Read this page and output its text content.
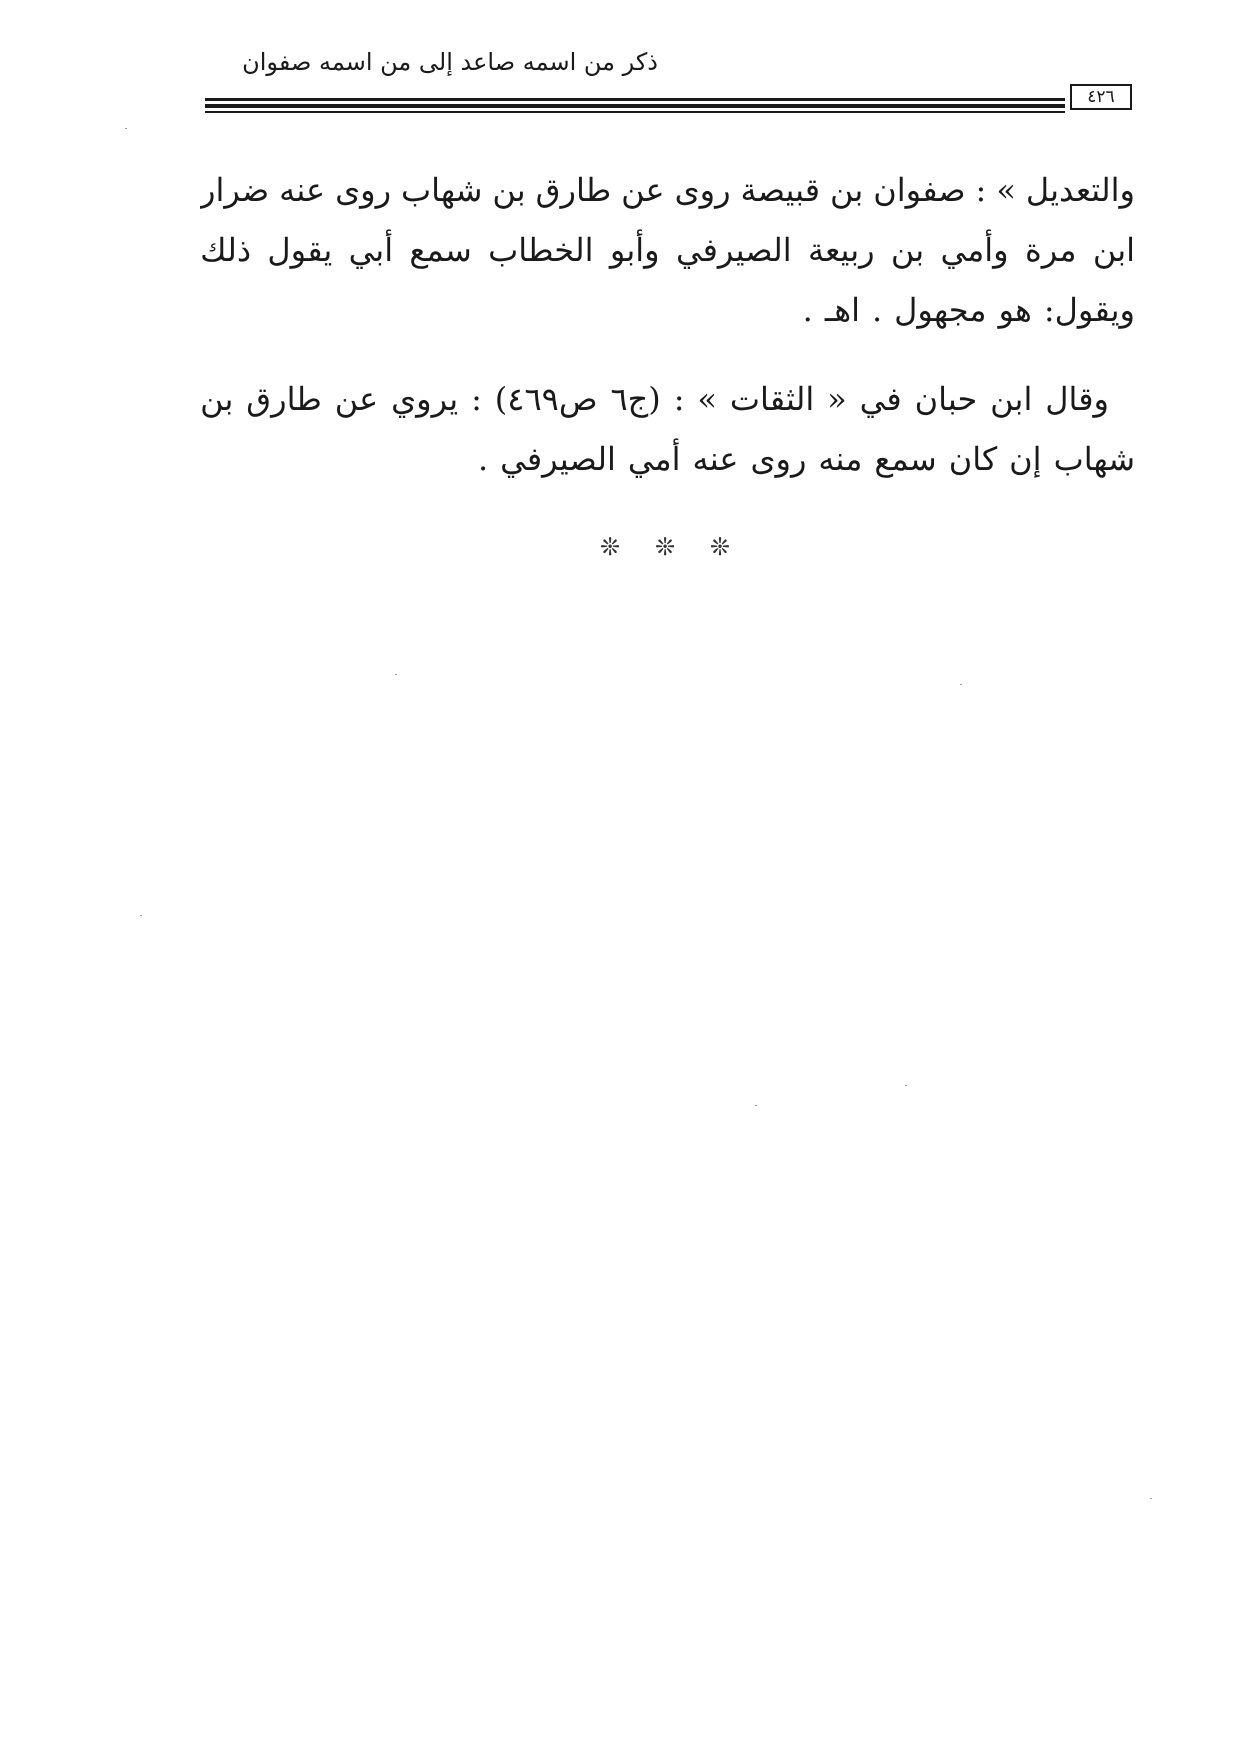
ذكر من اسمه صاعد إلى من اسمه صفوان
٤٢٦
والتعديل
»
:
صفوان
بن
قبيصة
روى
عن
طارق
بن
شهاب
روى
عنه
ضرار
ابن
مرة
وأمي
بن
ربيعة
الصيرفي
وأبو
الخطاب
سمع
أبي
يقول
ذلك
ويقول:
هو
مجهول
.
اهـ
.
وقال
ابن
حبان
في
«
الثقات
»
:
(ج٦
ص٤٦٩)
:
يروي
عن
طارق
بن
شهاب
إن
كان
سمع
منه
روى
عنه
أمي
الصيرفي
.
❊ ❊ ❊
